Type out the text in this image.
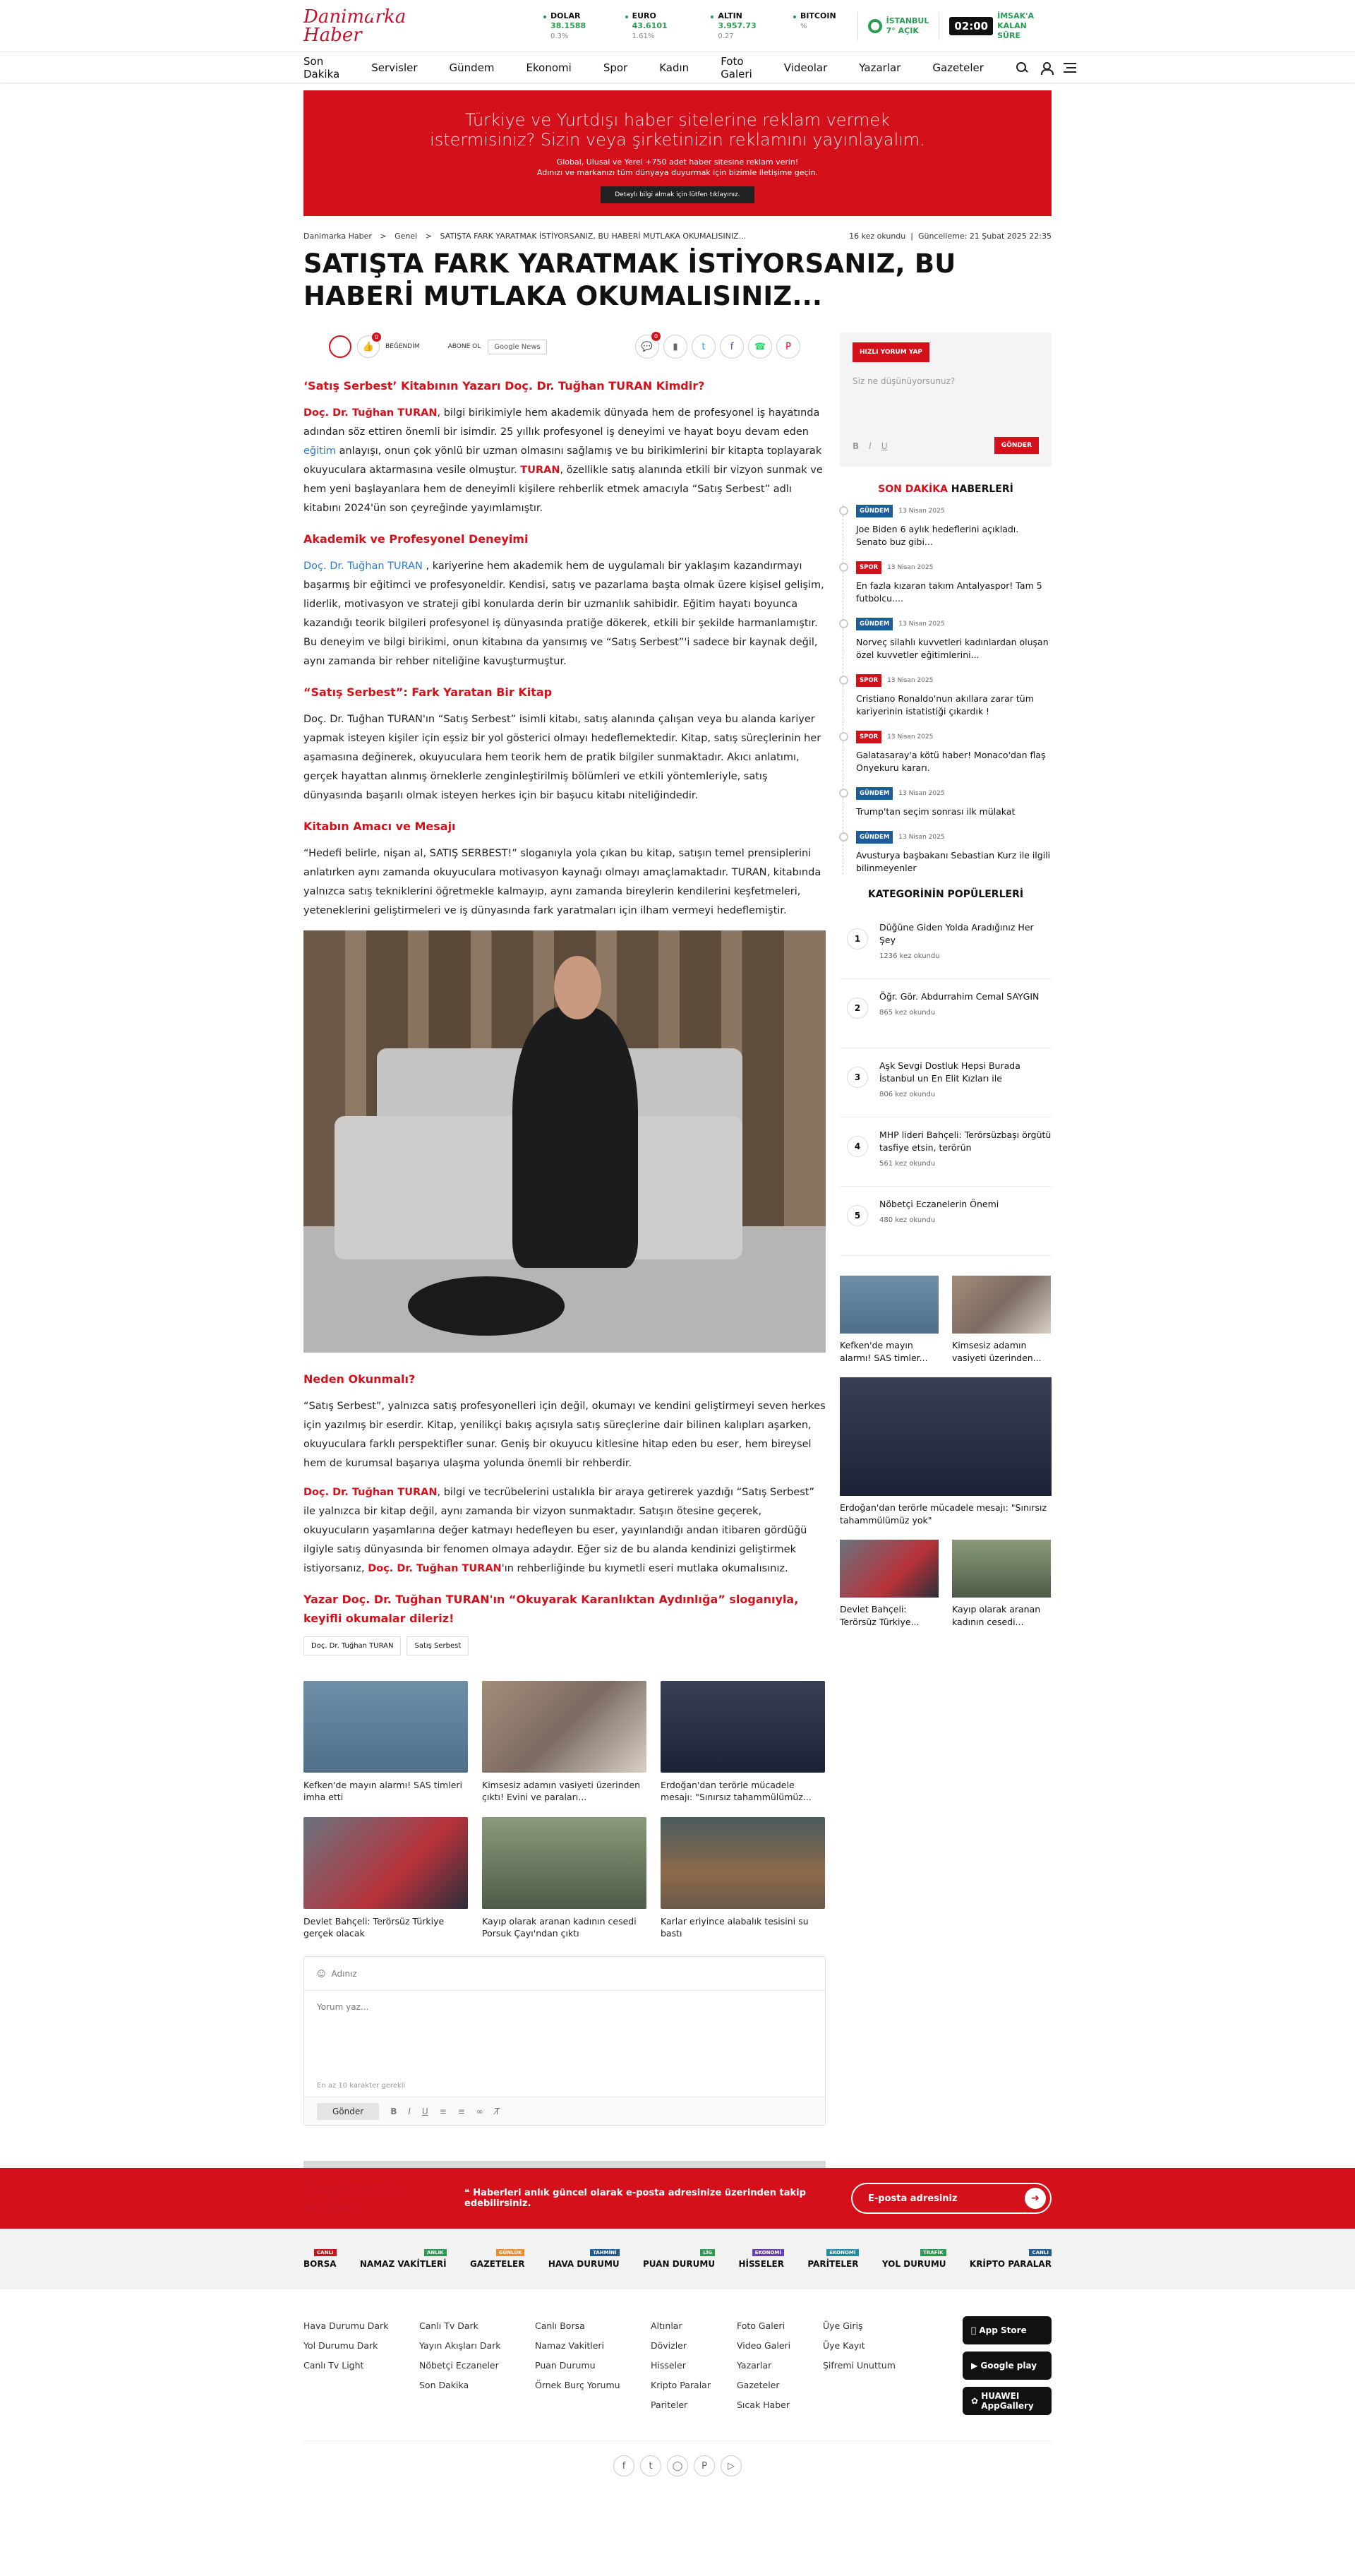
Danimarka Haber
DOLAR
38.1588 0.3%
EURO
43.6101 1.61%
ALTIN
3.957.73 0.27
BITCOIN
%
İSTANBUL
7° AÇIK	02:00
İMSAK'A
KALAN SÜRE
Son Dakika	Servisler	Gündem	Ekonomi	Spor	Kadın	Foto Galeri	Videolar	Yazarlar	Gazeteler
Türkiye ve Yurtdışı haber sitelerine reklam vermek
istermisiniz? Sizin veya şirketinizin reklamını yayınlayalım.
Global, Ulusal ve Yerel +750 adet haber sitesine reklam verin!
Adınızı ve markanızı tüm dünyaya duyurmak için bizimle iletişime geçin.
Detaylı bilgi almak için lütfen tıklayınız.
Danimarka Haber > Genel > SATIŞTA FARK YARATMAK İSTİYORSANIZ, BU HABERİ MUTLAKA OKUMALISINIZ...	16 kez okundu  |  Güncelleme: 21 Şubat 2025 22:35
SATIŞTA FARK YARATMAK İSTİYORSANIZ, BU HABERİ MUTLAKA OKUMALISINIZ...
👍
0
BEĞENDİM	ABONE OL	Google News	💬
0
▮	t	f	☎	P
‘Satış Serbest’ Kitabının Yazarı Doç. Dr. Tuğhan TURAN Kimdir?

Doç. Dr. Tuğhan TURAN, bilgi birikimiyle hem akademik dünyada hem de profesyonel iş hayatında adından söz ettiren önemli bir isimdir. 25 yıllık profesyonel iş deneyimi ve hayat boyu devam eden eğitim anlayışı, onun çok yönlü bir uzman olmasını sağlamış ve bu birikimlerini bir kitapta toplayarak okuyuculara aktarmasına vesile olmuştur. TURAN, özellikle satış alanında etkili bir vizyon sunmak ve hem yeni başlayanlara hem de deneyimli kişilere rehberlik etmek amacıyla “Satış Serbest” adlı kitabını 2024'ün son çeyreğinde yayımlamıştır.

Akademik ve Profesyonel Deneyimi

Doç. Dr. Tuğhan TURAN , kariyerine hem akademik hem de uygulamalı bir yaklaşım kazandırmayı başarmış bir eğitimci ve profesyoneldir. Kendisi, satış ve pazarlama başta olmak üzere kişisel gelişim, liderlik, motivasyon ve strateji gibi konularda derin bir uzmanlık sahibidir. Eğitim hayatı boyunca kazandığı teorik bilgileri profesyonel iş dünyasında pratiğe dökerek, etkili bir şekilde harmanlamıştır. Bu deneyim ve bilgi birikimi, onun kitabına da yansımış ve “Satış Serbest”'i sadece bir kaynak değil, aynı zamanda bir rehber niteliğine kavuşturmuştur.

“Satış Serbest”: Fark Yaratan Bir Kitap

Doç. Dr. Tuğhan TURAN'ın “Satış Serbest” isimli kitabı, satış alanında çalışan veya bu alanda kariyer yapmak isteyen kişiler için eşsiz bir yol gösterici olmayı hedeflemektedir. Kitap, satış süreçlerinin her aşamasına değinerek, okuyuculara hem teorik hem de pratik bilgiler sunmaktadır. Akıcı anlatımı, gerçek hayattan alınmış örneklerle zenginleştirilmiş bölümleri ve etkili yöntemleriyle, satış dünyasında başarılı olmak isteyen herkes için bir başucu kitabı niteliğindedir.

Kitabın Amacı ve Mesajı

“Hedefi belirle, nişan al, SATIŞ SERBEST!” sloganıyla yola çıkan bu kitap, satışın temel prensiplerini anlatırken aynı zamanda okuyuculara motivasyon kaynağı olmayı amaçlamaktadır. TURAN, kitabında yalnızca satış tekniklerini öğretmekle kalmayıp, aynı zamanda bireylerin kendilerini keşfetmeleri, yeteneklerini geliştirmeleri ve iş dünyasında fark yaratmaları için ilham vermeyi hedeflemiştir.

Neden Okunmalı?

“Satış Serbest”, yalnızca satış profesyonelleri için değil, okumayı ve kendini geliştirmeyi seven herkes için yazılmış bir eserdir. Kitap, yenilikçi bakış açısıyla satış süreçlerine dair bilinen kalıpları aşarken, okuyuculara farklı perspektifler sunar. Geniş bir okuyucu kitlesine hitap eden bu eser, hem bireysel hem de kurumsal başarıya ulaşma yolunda önemli bir rehberdir.

Doç. Dr. Tuğhan TURAN, bilgi ve tecrübelerini ustalıkla bir araya getirerek yazdığı “Satış Serbest” ile yalnızca bir kitap değil, aynı zamanda bir vizyon sunmaktadır. Satışın ötesine geçerek, okuyucuların yaşamlarına değer katmayı hedefleyen bu eser, yayınlandığı andan itibaren gördüğü ilgiyle satış dünyasında bir fenomen olmaya adaydır. Eğer siz de bu alanda kendinizi geliştirmek istiyorsanız, Doç. Dr. Tuğhan TURAN'ın rehberliğinde bu kıymetli eseri mutlaka okumalısınız.

Yazar Doç. Dr. Tuğhan TURAN'ın “Okuyarak Karanlıktan Aydınlığa” sloganıyla, keyifli okumalar dileriz!
Doç. Dr. Tuğhan TURAN	Satış Serbest
Kefken'de mayın alarmı! SAS timleri imha etti
Kimsesiz adamın vasiyeti üzerinden çıktı! Evini ve paraları...
Erdoğan'dan terörle mücadele mesajı: "Sınırsız tahammülümüz...
Devlet Bahçeli: Terörsüz Türkiye gerçek olacak
Kayıp olarak aranan kadının cesedi Porsuk Çayı'ndan çıktı
Karlar eriyince alabalık tesisini su bastı
☺ Adınız
Yorum yaz...
En az 10 karakter gerekli
Gönder	B I U ≡ ≡ ∞ T̸
HIZLI YORUM YAP
Siz ne düşünüyorsunuz?
B I U	GÖNDER
SON DAKİKA HABERLERİ
GÜNDEM	13 Nisan 2025
Joe Biden 6 aylık hedeflerini açıkladı. Senato buz gibi...
SPOR	13 Nisan 2025
En fazla kızaran takım Antalyaspor! Tam 5 futbolcu....
GÜNDEM	13 Nisan 2025
Norveç silahlı kuvvetleri kadınlardan oluşan özel kuvvetler eğitimlerini...
SPOR	13 Nisan 2025
Cristiano Ronaldo'nun akıllara zarar tüm kariyerinin istatistiği çıkardık !
SPOR	13 Nisan 2025
Galatasaray'a kötü haber! Monaco'dan flaş Onyekuru kararı.
GÜNDEM	13 Nisan 2025
Trump'tan seçim sonrası ilk mülakat
GÜNDEM	13 Nisan 2025
Avusturya başbakanı Sebastian Kurz ile ilgili bilinmeyenler
KATEGORİNİN POPÜLERLERİ
1
Düğüne Giden Yolda Aradığınız Her Şey
1236 kez okundu
2
Öğr. Gör. Abdurrahim Cemal SAYGIN
865 kez okundu
3
Aşk Sevgi Dostluk Hepsi Burada İstanbul un En Elit Kızları ile
806 kez okundu
4
MHP lideri Bahçeli: Terörsüzbaşı örgütü tasfiye etsin, terörün
561 kez okundu
5
Nöbetçi Eczanelerin Önemi
480 kez okundu
Kefken'de mayın alarmı! SAS timler...
Kimsesiz adamın vasiyeti üzerinden...
Erdoğan'dan terörle mücadele mesajı: "Sınırsız tahammülümüz yok"
Devlet Bahçeli: Terörsüz Türkiye...
Kayıp olarak aranan kadının cesedi...
Danimarka Haber
❝ Haberleri anlık güncel olarak e-posta adresinize üzerinden takip edebilirsiniz.	E-posta adresiniz	➜
CANLI
BORSA
ANLIK
NAMAZ VAKİTLERİ
GÜNLÜK
GAZETELER
TAHMİNİ
HAVA DURUMU
LİG
PUAN DURUMU
EKONOMİ
HİSSELER
EKONOMİ
PARİTELER
TRAFİK
YOL DURUMU
CANLI
KRİPTO PARALAR
Hava Durumu Dark
Yol Durumu Dark
Canlı Tv Light
Canlı Tv Dark
Yayın Akışları Dark
Nöbetçi Eczaneler
Son Dakika
Canlı Borsa
Namaz Vakitleri
Puan Durumu
Örnek Burç Yorumu
Altınlar
Dövizler
Hisseler
Kripto Paralar
Pariteler
Foto Galeri
Video Galeri
Yazarlar
Gazeteler
Sıcak Haber
Üye Giriş
Üye Kayıt
Şifremi Unuttum
App Store
▶ Google play
✿ HUAWEI AppGallery
f	t	◯	P	▷
